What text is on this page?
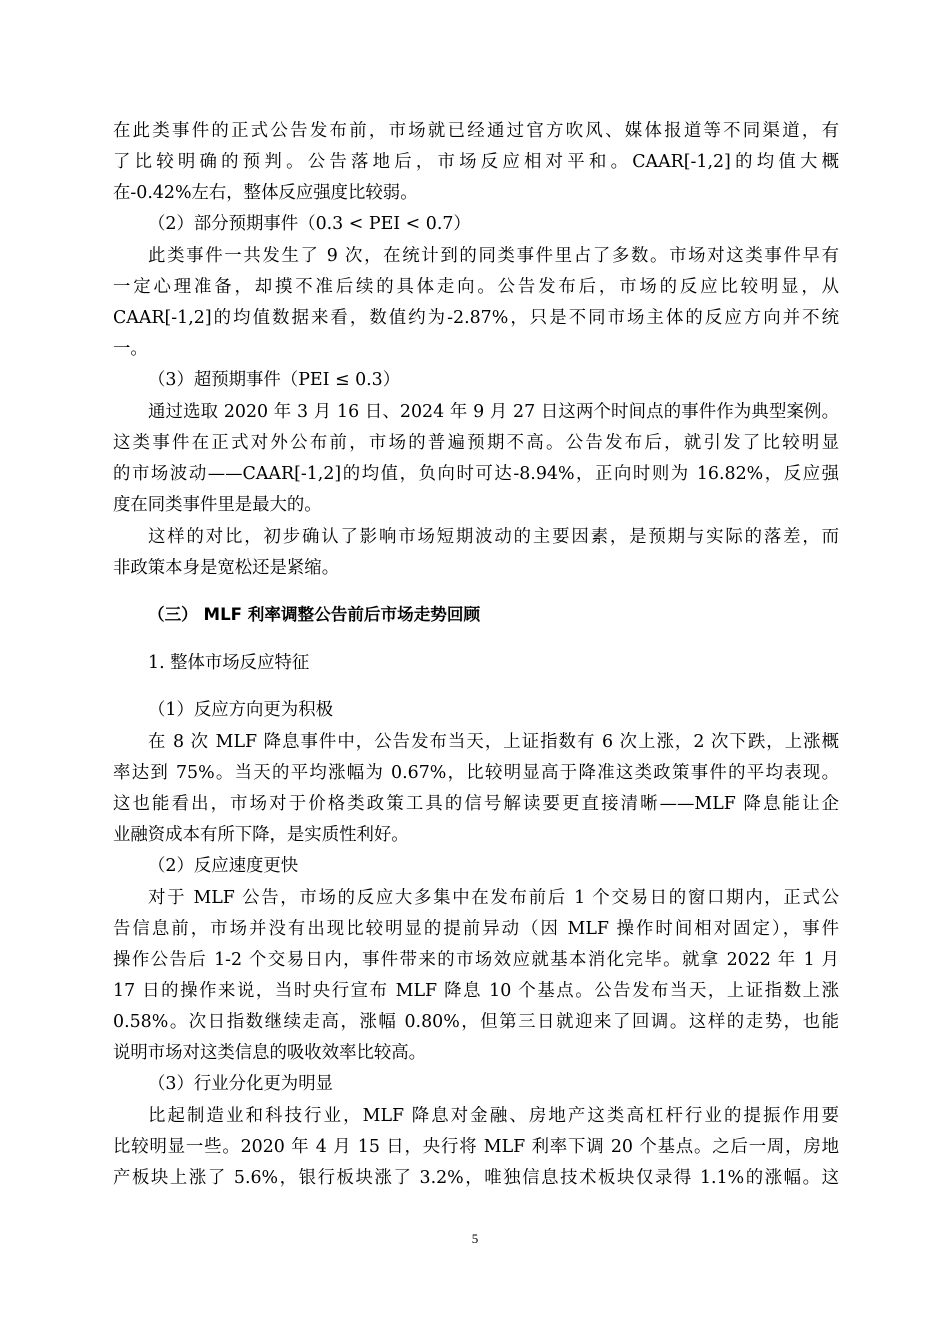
在此类事件的正式公告发布前，市场就已经通过官方吹风、媒体报道等不同渠道，有
了比较明确的预判。公告落地后，市场反应相对平和。CAAR[-1,2]的均值大概
在-0.42%左右，整体反应强度比较弱。
（2）部分预期事件（0.3 < PEI < 0.7）
此类事件一共发生了 9 次，在统计到的同类事件里占了多数。市场对这类事件早有
一定心理准备，却摸不准后续的具体走向。公告发布后，市场的反应比较明显，从
CAAR[-1,2]的均值数据来看，数值约为-2.87%，只是不同市场主体的反应方向并不统
一。
（3）超预期事件（PEI ≤ 0.3）
通过选取 2020 年 3 月 16 日、2024 年 9 月 27 日这两个时间点的事件作为典型案例。
这类事件在正式对外公布前，市场的普遍预期不高。公告发布后，就引发了比较明显
的市场波动——CAAR[-1,2]的均值，负向时可达-8.94%，正向时则为 16.82%，反应强
度在同类事件里是最大的。
这样的对比，初步确认了影响市场短期波动的主要因素，是预期与实际的落差，而
非政策本身是宽松还是紧缩。
（三） MLF 利率调整公告前后市场走势回顾
1. 整体市场反应特征
（1）反应方向更为积极
在 8 次 MLF 降息事件中，公告发布当天，上证指数有 6 次上涨，2 次下跌，上涨概
率达到 75%。当天的平均涨幅为 0.67%，比较明显高于降准这类政策事件的平均表现。
这也能看出，市场对于价格类政策工具的信号解读要更直接清晰——MLF 降息能让企
业融资成本有所下降，是实质性利好。
（2）反应速度更快
对于 MLF 公告，市场的反应大多集中在发布前后 1 个交易日的窗口期内，正式公
告信息前，市场并没有出现比较明显的提前异动（因 MLF 操作时间相对固定），事件
操作公告后 1-2 个交易日内，事件带来的市场效应就基本消化完毕。就拿 2022 年 1 月
17 日的操作来说，当时央行宣布 MLF 降息 10 个基点。公告发布当天，上证指数上涨
0.58%。次日指数继续走高，涨幅 0.80%，但第三日就迎来了回调。这样的走势，也能
说明市场对这类信息的吸收效率比较高。
（3）行业分化更为明显
比起制造业和科技行业，MLF 降息对金融、房地产这类高杠杆行业的提振作用要
比较明显一些。2020 年 4 月 15 日，央行将 MLF 利率下调 20 个基点。之后一周，房地
产板块上涨了 5.6%，银行板块涨了 3.2%，唯独信息技术板块仅录得 1.1%的涨幅。这
5
